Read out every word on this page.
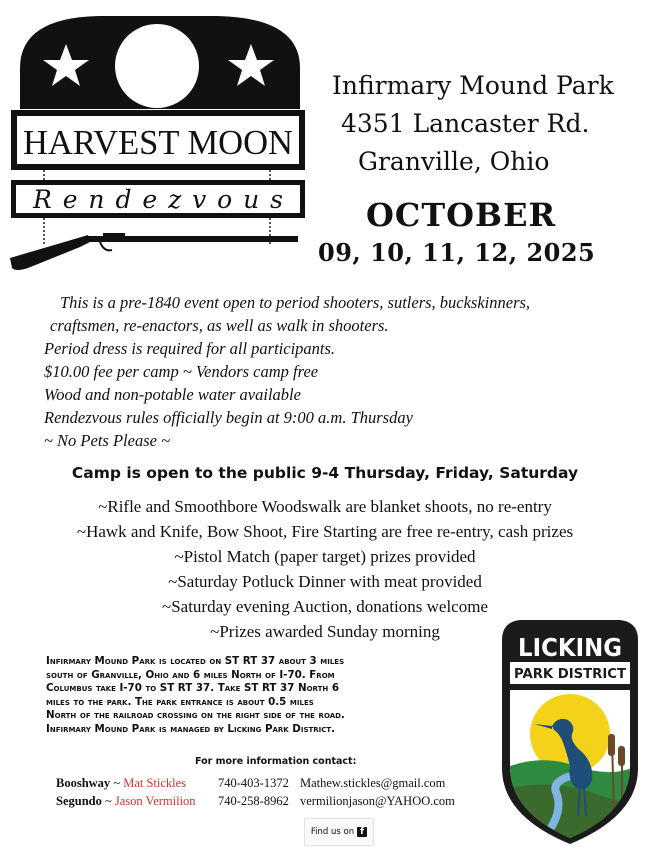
HARVEST MOON
Rendezvous
Infirmary Mound Park
4351 Lancaster Rd.
Granville, Ohio
OCTOBER
09, 10, 11, 12, 2025
This is a pre-1840 event open to period shooters, sutlers, buckskinners,
craftsmen, re-enactors, as well as walk in shooters.
Period dress is required for all participants.
$10.00 fee per camp ~ Vendors camp free
Wood and non-potable water available
Rendezvous rules officially begin at 9:00 a.m. Thursday
~ No Pets Please ~
Camp is open to the public 9-4 Thursday, Friday, Saturday
~Rifle and Smoothbore Woodswalk are blanket shoots, no re-entry
~Hawk and Knife, Bow Shoot, Fire Starting are free re-entry, cash prizes
~Pistol Match (paper target) prizes provided
~Saturday Potluck Dinner with meat provided
~Saturday evening Auction, donations welcome
~Prizes awarded Sunday morning
Infirmary Mound Park is located on ST RT 37 about 3 miles
south of Granville, Ohio and 6 miles North of I-70. From
Columbus take I-70 to ST RT 37. Take ST RT 37 North 6
miles to the park. The park entrance is about 0.5 miles
North of the railroad crossing on the right side of the road.
Infirmary Mound Park is managed by Licking Park District.
LICKING
PARK DISTRICT
For more information contact:
Booshway ~ Mat Stickles	740-403-1372 Mathew.stickles@gmail.com
Segundo ~ Jason Vermilion 740-258-8962 vermilionjason@YAHOO.com
Find us on f
